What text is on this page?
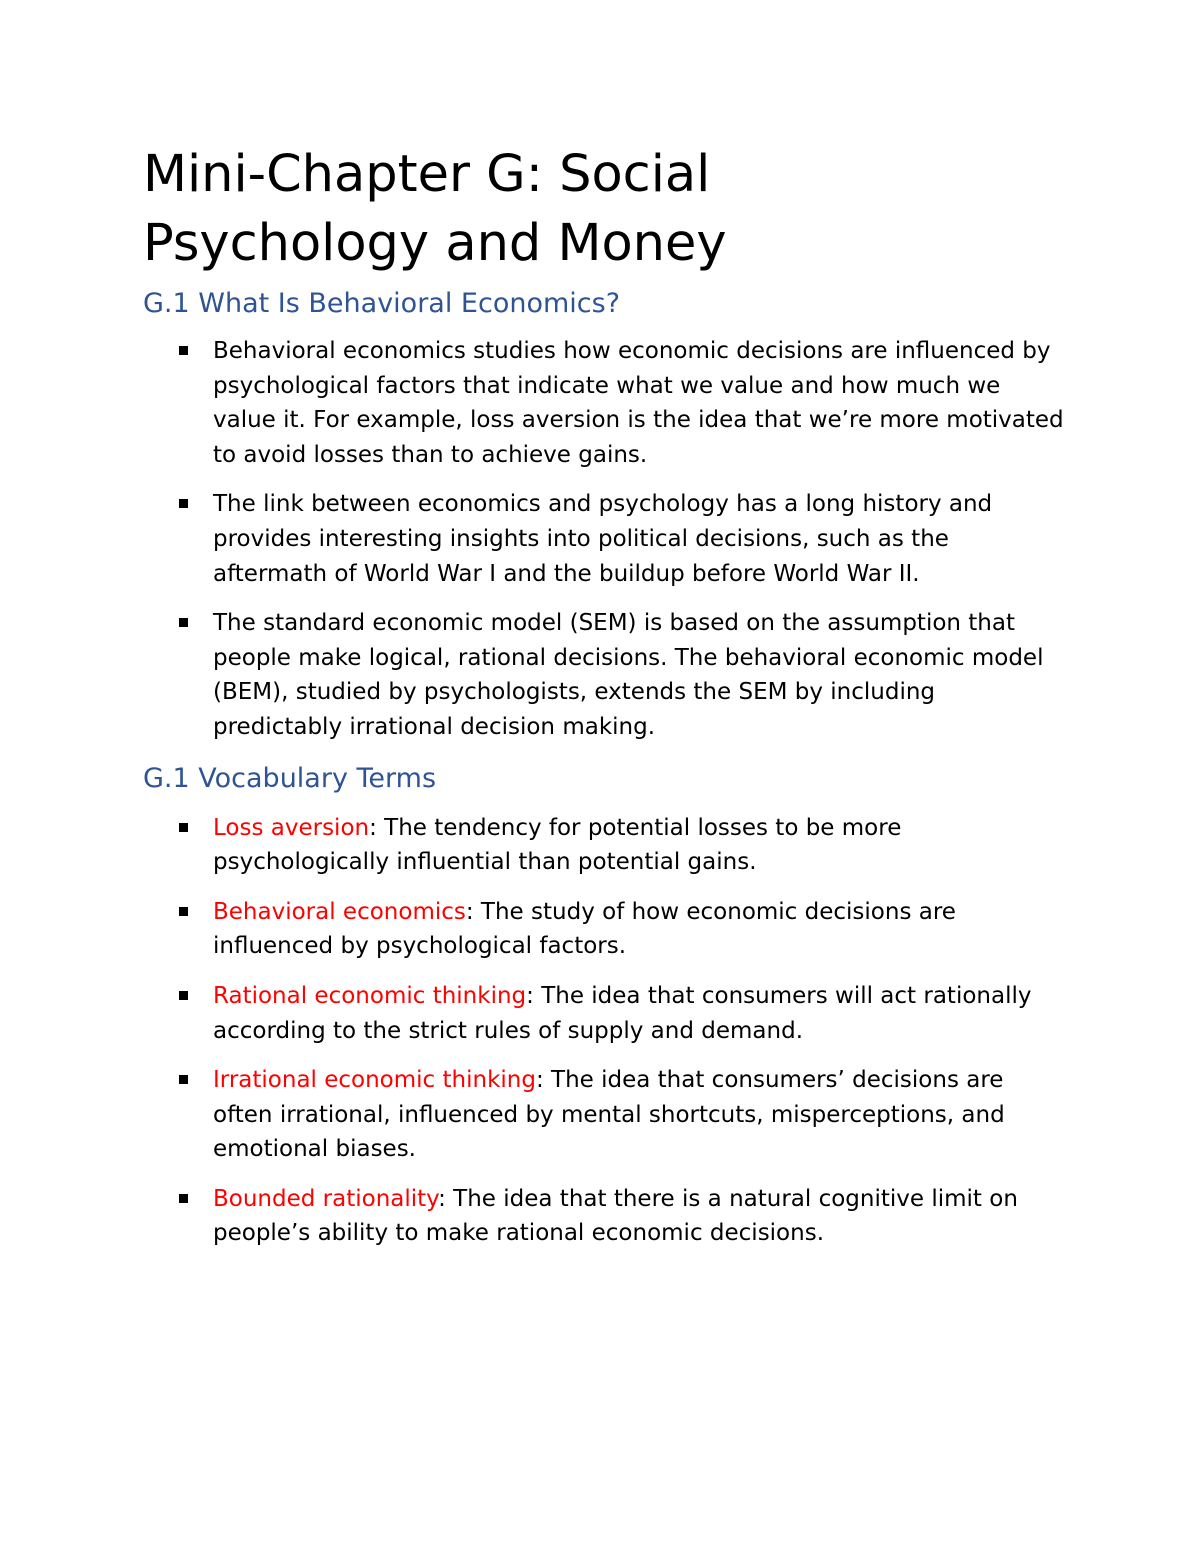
Mini-Chapter G: Social
Psychology and Money
G.1 What Is Behavioral Economics?
Behavioral economics studies how economic decisions are influenced by psychological factors that indicate what we value and how much we value it. For example, loss aversion is the idea that we’re more motivated to avoid losses than to achieve gains.
The link between economics and psychology has a long history and provides interesting insights into political decisions, such as the aftermath of World War I and the buildup before World War II.
The standard economic model (SEM) is based on the assumption that people make logical, rational decisions. The behavioral economic model (BEM), studied by psychologists, extends the SEM by including predictably irrational decision making.
G.1 Vocabulary Terms
Loss aversion: The tendency for potential losses to be more psychologically influential than potential gains.
Behavioral economics: The study of how economic decisions are influenced by psychological factors.
Rational economic thinking: The idea that consumers will act rationally according to the strict rules of supply and demand.
Irrational economic thinking: The idea that consumers’ decisions are often irrational, influenced by mental shortcuts, misperceptions, and emotional biases.
Bounded rationality: The idea that there is a natural cognitive limit on people’s ability to make rational economic decisions.
